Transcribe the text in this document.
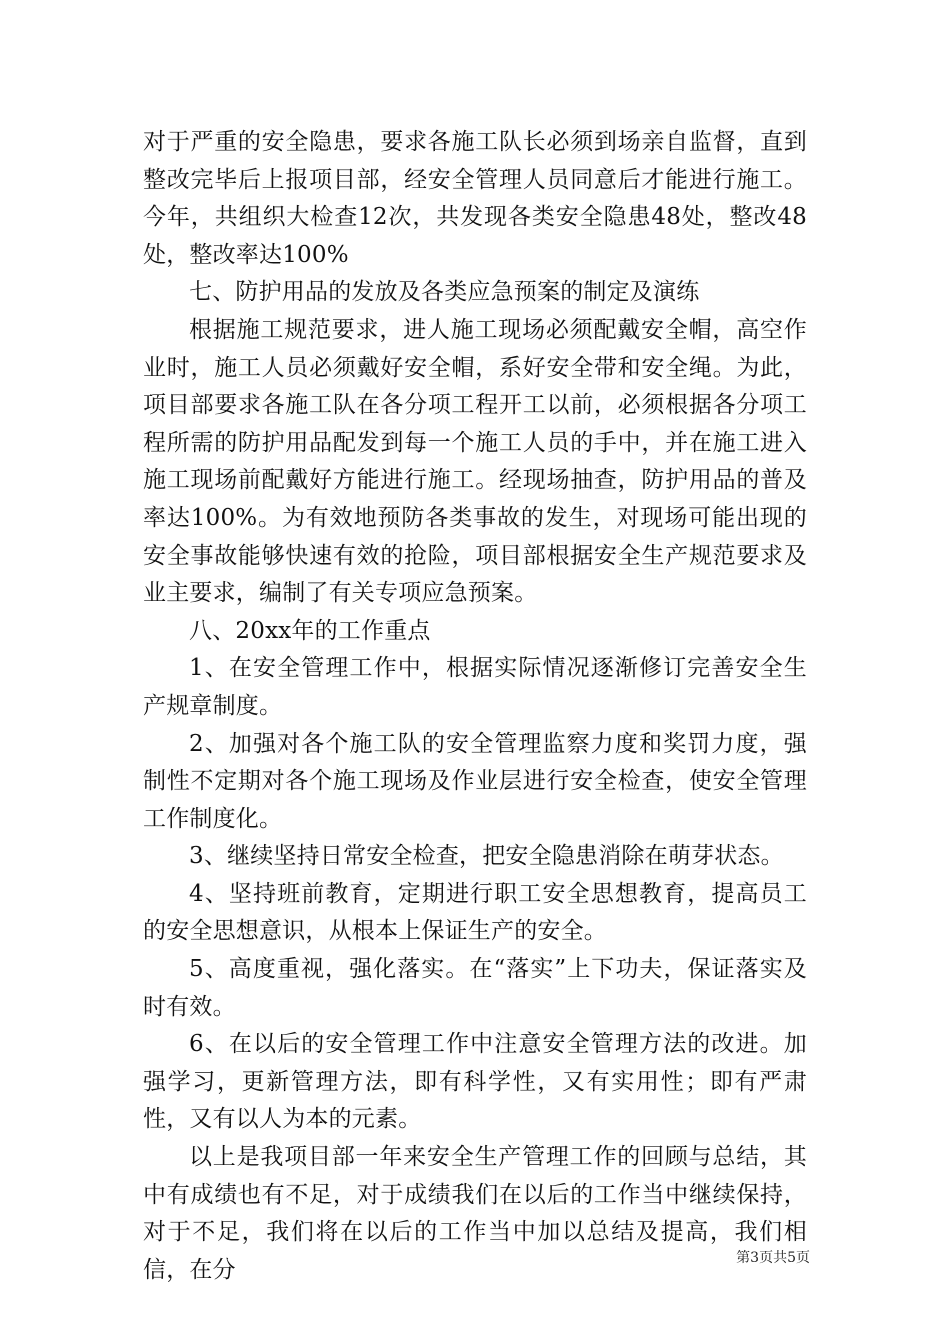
对于严重的安全隐患，要求各施工队长必须到场亲自监督，直到整改完毕后上报项目部，经安全管理人员同意后才能进行施工。今年，共组织大检查12次，共发现各类安全隐患48处，整改48处，整改率达100%

七、防护用品的发放及各类应急预案的制定及演练

根据施工规范要求，进人施工现场必须配戴安全帽，高空作业时，施工人员必须戴好安全帽，系好安全带和安全绳。为此，项目部要求各施工队在各分项工程开工以前，必须根据各分项工程所需的防护用品配发到每一个施工人员的手中，并在施工进入施工现场前配戴好方能进行施工。经现场抽查，防护用品的普及率达100%。为有效地预防各类事故的发生，对现场可能出现的安全事故能够快速有效的抢险，项目部根据安全生产规范要求及业主要求，编制了有关专项应急预案。

八、20xx年的工作重点

1、在安全管理工作中，根据实际情况逐渐修订完善安全生产规章制度。

2、加强对各个施工队的安全管理监察力度和奖罚力度，强制性不定期对各个施工现场及作业层进行安全检查，使安全管理工作制度化。

3、继续坚持日常安全检查，把安全隐患消除在萌芽状态。

4、坚持班前教育，定期进行职工安全思想教育，提高员工的安全思想意识，从根本上保证生产的安全。

5、高度重视，强化落实。在“落实”上下功夫，保证落实及时有效。

6、在以后的安全管理工作中注意安全管理方法的改进。加强学习，更新管理方法，即有科学性，又有实用性；即有严肃性，又有以人为本的元素。

以上是我项目部一年来安全生产管理工作的回顾与总结，其中有成绩也有不足，对于成绩我们在以后的工作当中继续保持，对于不足，我们将在以后的工作当中加以总结及提高，我们相信，在分	第3页共5页
